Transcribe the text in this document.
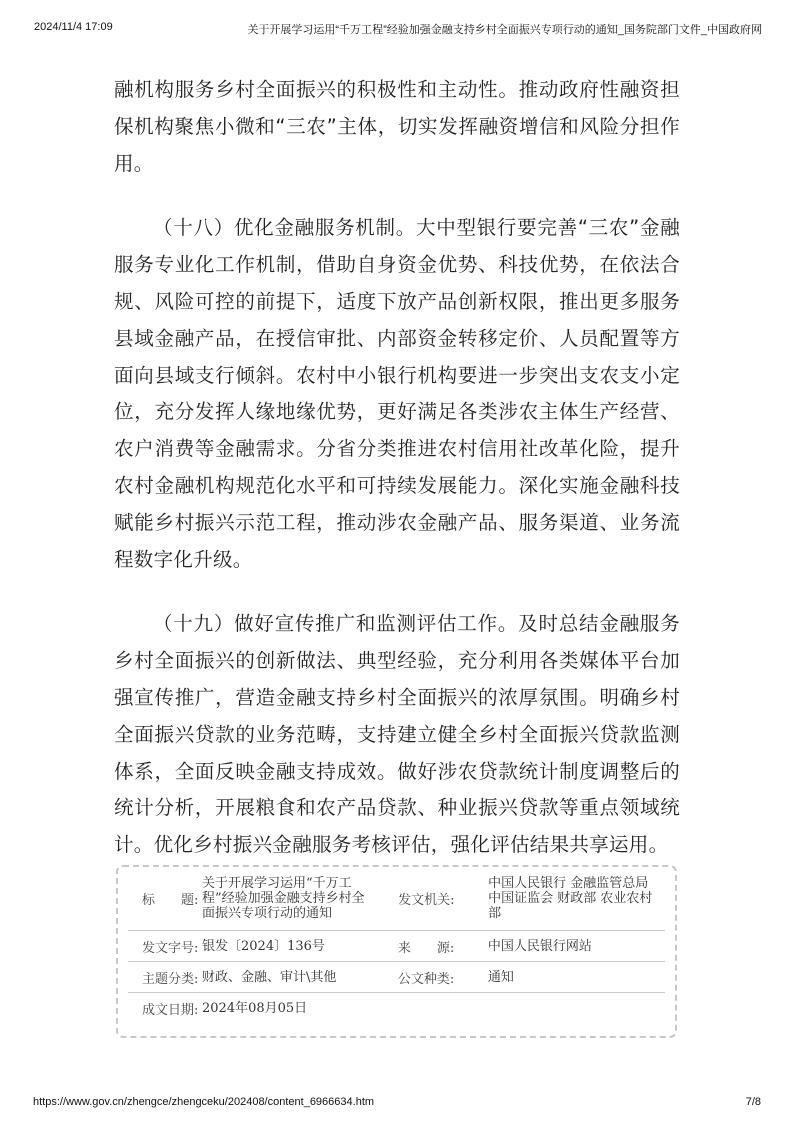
2024/11/4 17:09	关于开展学习运用“千万工程”经验加强金融支持乡村全面振兴专项行动的通知_国务院部门文件_中国政府网

融机构服务乡村全面振兴的积极性和主动性。推动政府性融资担保机构聚焦小微和“三农”主体，切实发挥融资增信和风险分担作用。

（十八）优化金融服务机制。大中型银行要完善“三农”金融服务专业化工作机制，借助自身资金优势、科技优势，在依法合规、风险可控的前提下，适度下放产品创新权限，推出更多服务县域金融产品，在授信审批、内部资金转移定价、人员配置等方面向县域支行倾斜。农村中小银行机构要进一步突出支农支小定位，充分发挥人缘地缘优势，更好满足各类涉农主体生产经营、农户消费等金融需求。分省分类推进农村信用社改革化险，提升农村金融机构规范化水平和可持续发展能力。深化实施金融科技赋能乡村振兴示范工程，推动涉农金融产品、服务渠道、业务流程数字化升级。

（十九）做好宣传推广和监测评估工作。及时总结金融服务乡村全面振兴的创新做法、典型经验，充分利用各类媒体平台加强宣传推广，营造金融支持乡村全面振兴的浓厚氛围。明确乡村全面振兴贷款的业务范畴，支持建立健全乡村全面振兴贷款监测体系，全面反映金融支持成效。做好涉农贷款统计制度调整后的统计分析，开展粮食和农产品贷款、种业振兴贷款等重点领域统计。优化乡村振兴金融服务考核评估，强化评估结果共享运用。

标　　题:
关于开展学习运用“千万工程”经验加强金融支持乡村全面振兴专项行动的通知
发文机关:
中国人民银行 金融监管总局 中国证监会 财政部 农业农村部
发文字号: 银发〔2024〕136号	来　　源:	中国人民银行网站
主题分类: 财政、金融、审计\其他	公文种类:	通知
成文日期: 2024年08月05日
https://www.gov.cn/zhengce/zhengceku/202408/content_6966634.htm	7/8
